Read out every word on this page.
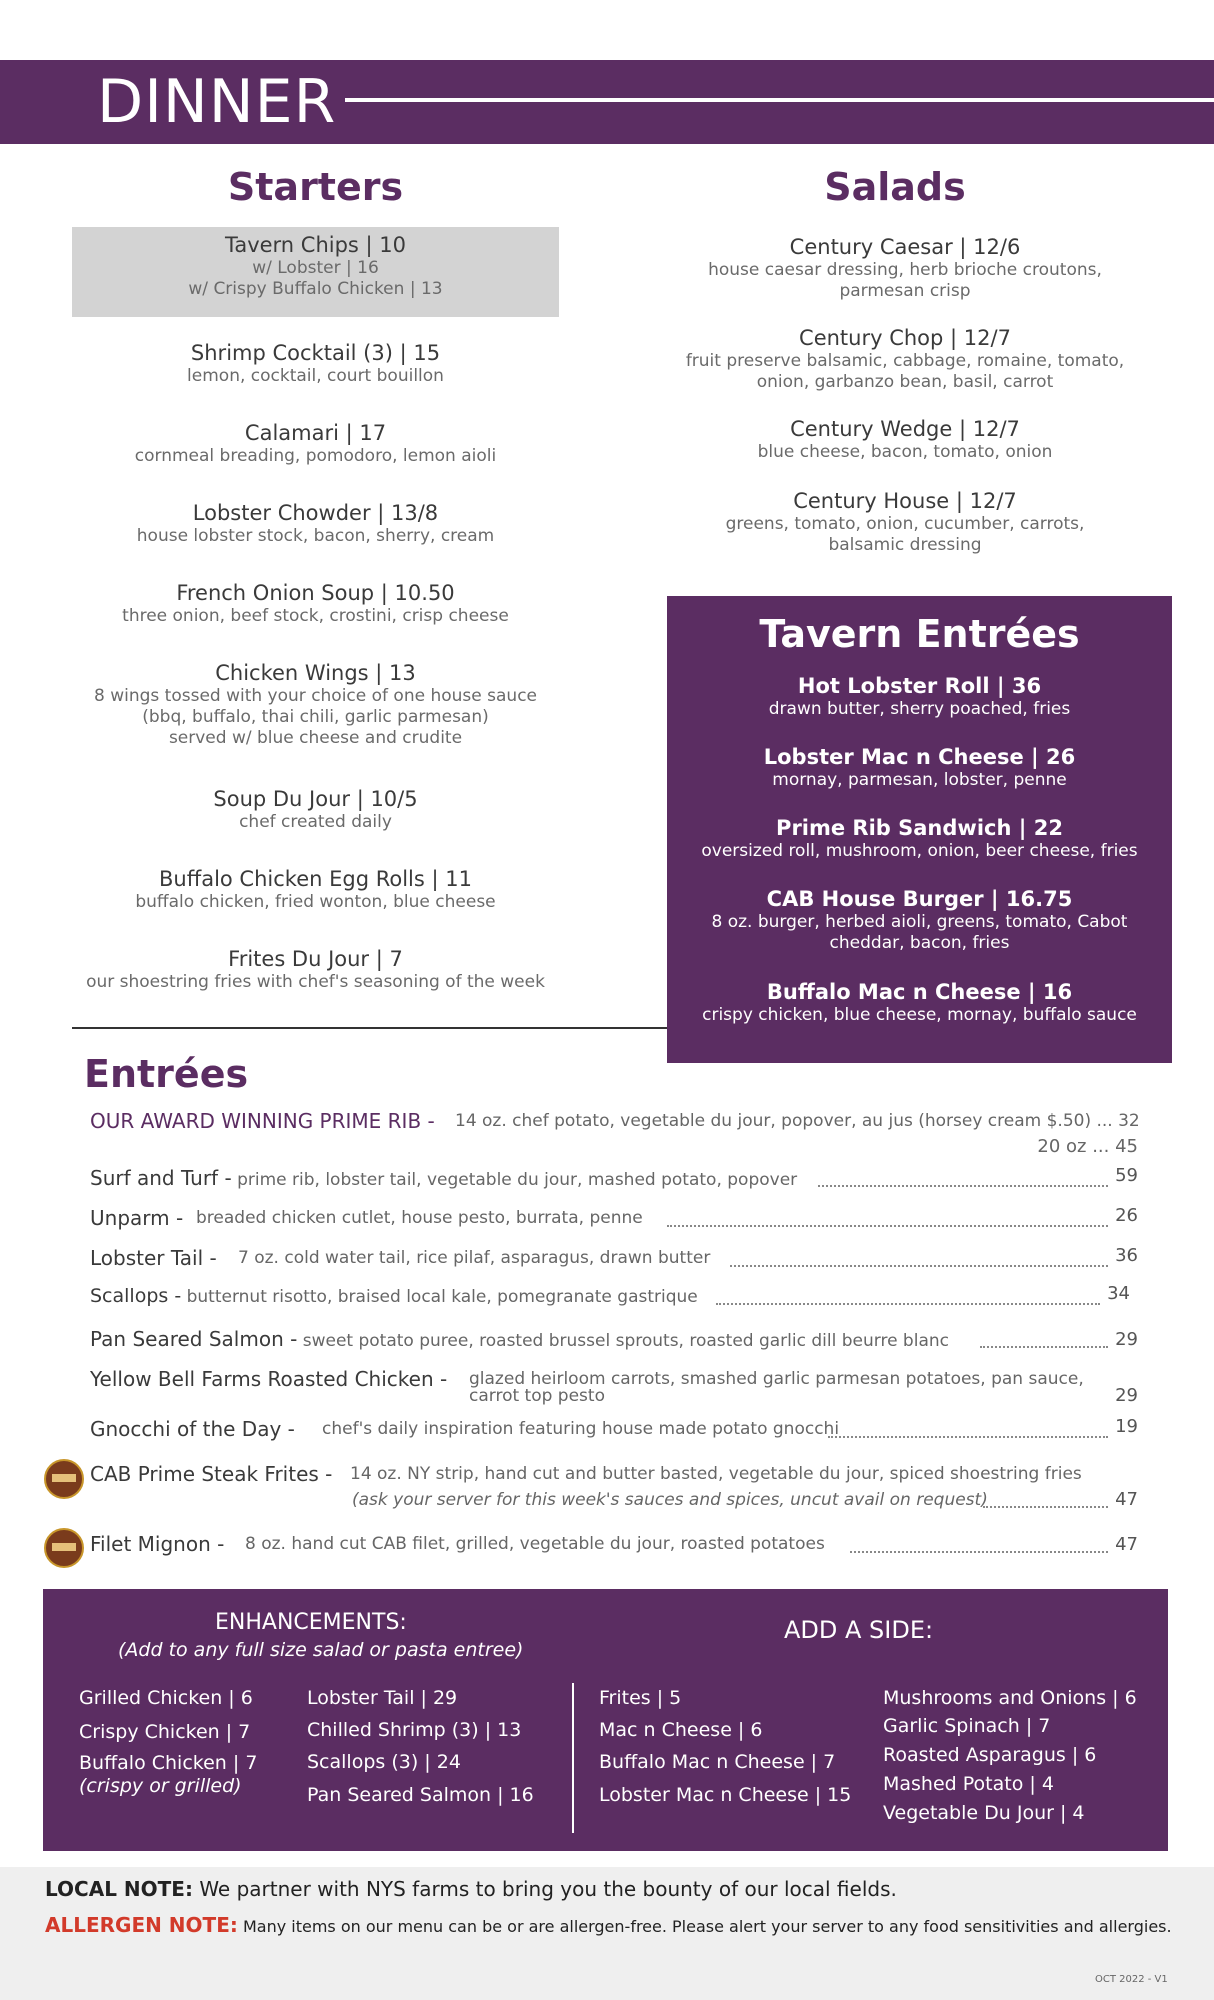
DINNER
Starters
Tavern Chips | 10
w/ Lobster | 16
w/ Crispy Buffalo Chicken | 13
Shrimp Cocktail (3) | 15
lemon, cocktail, court bouillon
Calamari | 17
cornmeal breading, pomodoro, lemon aioli
Lobster Chowder | 13/8
house lobster stock, bacon, sherry, cream
French Onion Soup | 10.50
three onion, beef stock, crostini, crisp cheese
Chicken Wings | 13
8 wings tossed with your choice of one house sauce
(bbq, buffalo, thai chili, garlic parmesan)
served w/ blue cheese and crudite
Soup Du Jour | 10/5
chef created daily
Buffalo Chicken Egg Rolls | 11
buffalo chicken, fried wonton, blue cheese
Frites Du Jour | 7
our shoestring fries with chef's seasoning of the week
Salads
Century Caesar | 12/6
house caesar dressing, herb brioche croutons,
parmesan crisp
Century Chop | 12/7
fruit preserve balsamic, cabbage, romaine, tomato,
onion, garbanzo bean, basil, carrot
Century Wedge | 12/7
blue cheese, bacon, tomato, onion
Century House | 12/7
greens, tomato, onion, cucumber, carrots,
balsamic dressing
Tavern Entrées
Hot Lobster Roll | 36
drawn butter, sherry poached, fries
Lobster Mac n Cheese | 26
mornay, parmesan, lobster, penne
Prime Rib Sandwich | 22
oversized roll, mushroom, onion, beer cheese, fries
CAB House Burger | 16.75
8 oz. burger, herbed aioli, greens, tomato, Cabot
cheddar, bacon, fries
Buffalo Mac n Cheese | 16
crispy chicken, blue cheese, mornay, buffalo sauce
Entrées
OUR AWARD WINNING PRIME RIB - 14 oz. chef potato, vegetable du jour, popover, au jus (horsey cream $.50) ... 32
20 oz ... 45
Surf and Turf - prime rib, lobster tail, vegetable du jour, mashed potato, popover	59
Unparm - breaded chicken cutlet, house pesto, burrata, penne	26
Lobster Tail - 7 oz. cold water tail, rice pilaf, asparagus, drawn butter	36
Scallops - butternut risotto, braised local kale, pomegranate gastrique	34
Pan Seared Salmon - sweet potato puree, roasted brussel sprouts, roasted garlic dill beurre blanc	29
Yellow Bell Farms Roasted Chicken - glazed heirloom carrots, smashed garlic parmesan potatoes, pan sauce,
carrot top pesto	29
Gnocchi of the Day - chef's daily inspiration featuring house made potato gnocchi	19
CAB Prime Steak Frites - 14 oz. NY strip, hand cut and butter basted, vegetable du jour, spiced shoestring fries
(ask your server for this week's sauces and spices, uncut avail on request)	47
Filet Mignon - 8 oz. hand cut CAB filet, grilled, vegetable du jour, roasted potatoes	47
ENHANCEMENTS:
(Add to any full size salad or pasta entree)
Grilled Chicken | 6
Crispy Chicken | 7
Buffalo Chicken | 7
(crispy or grilled)
Lobster Tail | 29
Chilled Shrimp (3) | 13
Scallops (3) | 24
Pan Seared Salmon | 16
ADD A SIDE:
Frites | 5
Mac n Cheese | 6
Buffalo Mac n Cheese | 7
Lobster Mac n Cheese | 15
Mushrooms and Onions | 6
Garlic Spinach | 7
Roasted Asparagus | 6
Mashed Potato | 4
Vegetable Du Jour | 4
LOCAL NOTE: We partner with NYS farms to bring you the bounty of our local fields.
ALLERGEN NOTE: Many items on our menu can be or are allergen-free. Please alert your server to any food sensitivities and allergies.
OCT 2022 - V1
